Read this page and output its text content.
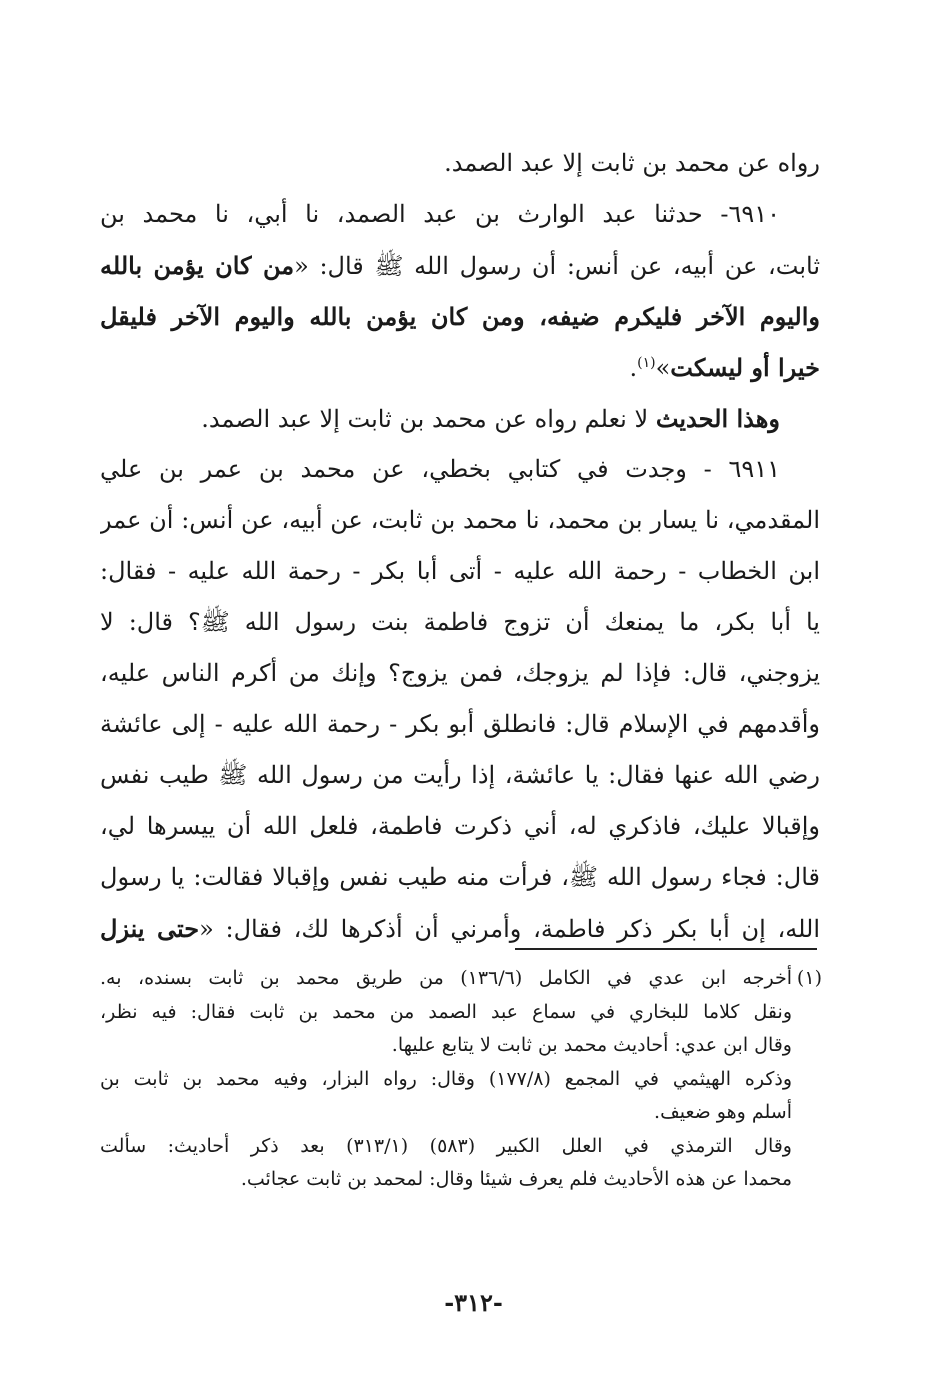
رواه عن محمد بن ثابت إلا عبد الصمد.
٦٩١٠- حدثنا عبد الوارث بن عبد الصمد، نا أبي، نا محمد بن
ثابت، عن أبيه، عن أنس: أن رسول الله ﷺ قال: «من كان يؤمن بالله
واليوم الآخر فليكرم ضيفه، ومن كان يؤمن بالله واليوم الآخر فليقل
خيرا أو ليسكت»$^{(١)}$.
وهذا الحديث لا نعلم رواه عن محمد بن ثابت إلا عبد الصمد.
٦٩١١ - وجدت في كتابي بخطي، عن محمد بن عمر بن علي
المقدمي، نا يسار بن محمد، نا محمد بن ثابت، عن أبيه، عن أنس: أن عمر
ابن الخطاب - رحمة الله عليه - أتى أبا بكر - رحمة الله عليه - فقال:
يا أبا بكر، ما يمنعك أن تزوج فاطمة بنت رسول الله ﷺ؟ قال: لا
يزوجني، قال: فإذا لم يزوجك، فمن يزوج؟ وإنك من أكرم الناس عليه،
وأقدمهم في الإسلام قال: فانطلق أبو بكر - رحمة الله عليه - إلى عائشة
رضي الله عنها فقال: يا عائشة، إذا رأيت من رسول الله ﷺ طيب نفس
وإقبالا عليك، فاذكري له، أني ذكرت فاطمة، فلعل الله أن ييسرها لي،
قال: فجاء رسول الله ﷺ، فرأت منه طيب نفس وإقبالا فقالت: يا رسول
الله، إن أبا بكر ذكر فاطمة، وأمرني أن أذكرها لك، فقال: «حتى ينزل
(١)أخرجه ابن عدي في الكامل (١٣٦/٦) من طريق محمد بن ثابت بسنده، به.
ونقل كلاما للبخاري في سماع عبد الصمد من محمد بن ثابت فقال: فيه نظر،
وقال ابن عدي: أحاديث محمد بن ثابت لا يتابع عليها.
وذكره الهيثمي في المجمع (١٧٧/٨) وقال: رواه البزار، وفيه محمد بن ثابت بن
أسلم وهو ضعيف.
وقال الترمذي في العلل الكبير (٥٨٣) (٣١٣/١) بعد ذكر أحاديث: سألت
محمدا عن هذه الأحاديث فلم يعرف شيئا وقال: لمحمد بن ثابت عجائب.
-٣١٢-
